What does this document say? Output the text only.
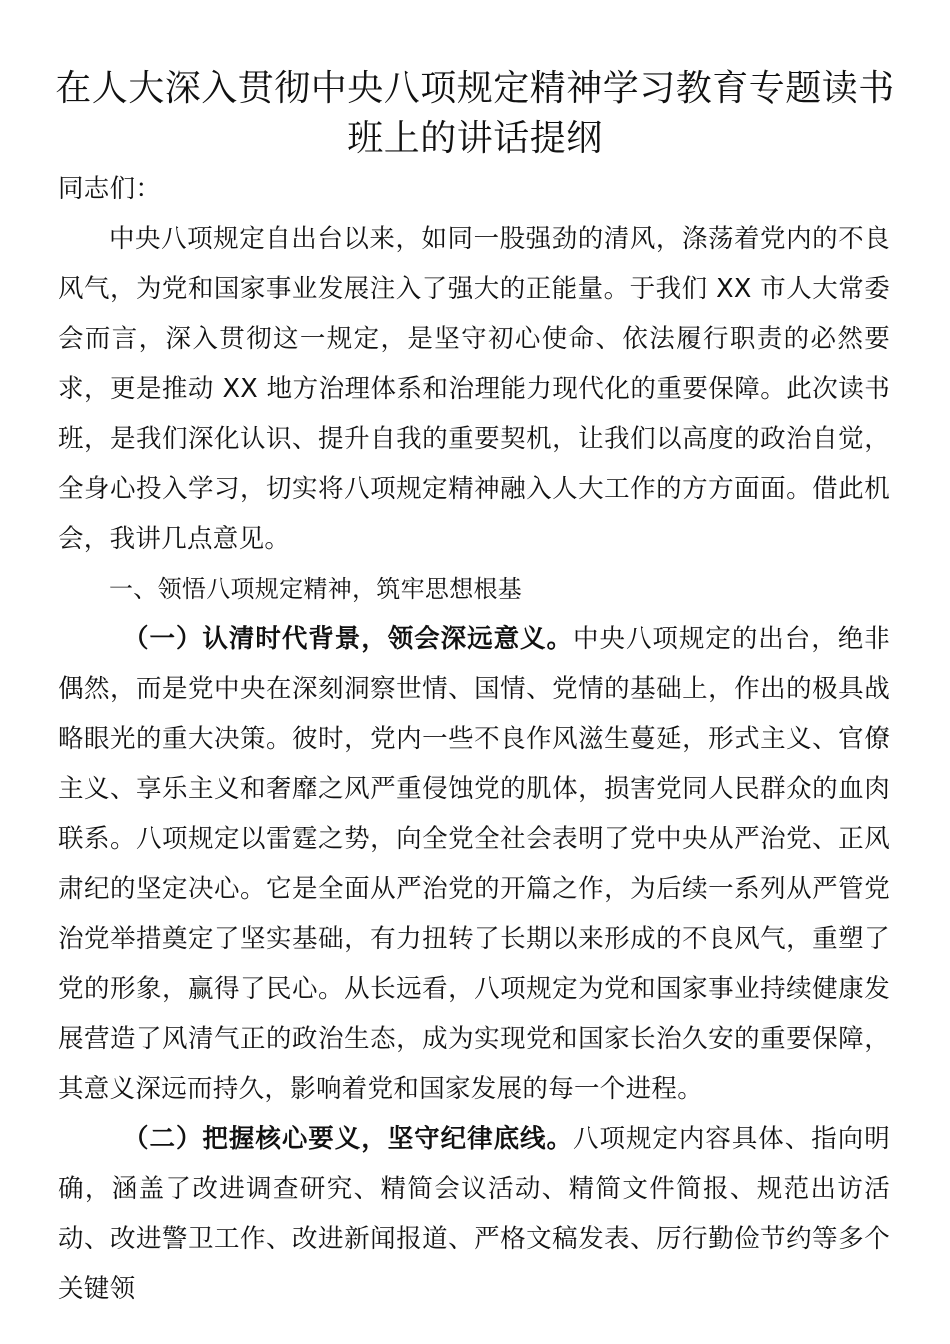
在人大深入贯彻中央八项规定精神学习教育专题读书班上的讲话提纲

同志们：

中央八项规定自出台以来，如同一股强劲的清风，涤荡着党内的不良风气，为党和国家事业发展注入了强大的正能量。于我们 XX 市人大常委会而言，深入贯彻这一规定，是坚守初心使命、依法履行职责的必然要求，更是推动 XX 地方治理体系和治理能力现代化的重要保障。此次读书班，是我们深化认识、提升自我的重要契机，让我们以高度的政治自觉，全身心投入学习，切实将八项规定精神融入人大工作的方方面面。借此机会，我讲几点意见。

一、领悟八项规定精神，筑牢思想根基

（一）认清时代背景，领会深远意义。中央八项规定的出台，绝非偶然，而是党中央在深刻洞察世情、国情、党情的基础上，作出的极具战略眼光的重大决策。彼时，党内一些不良作风滋生蔓延，形式主义、官僚主义、享乐主义和奢靡之风严重侵蚀党的肌体，损害党同人民群众的血肉联系。八项规定以雷霆之势，向全党全社会表明了党中央从严治党、正风肃纪的坚定决心。它是全面从严治党的开篇之作，为后续一系列从严管党治党举措奠定了坚实基础，有力扭转了长期以来形成的不良风气，重塑了党的形象，赢得了民心。从长远看，八项规定为党和国家事业持续健康发展营造了风清气正的政治生态，成为实现党和国家长治久安的重要保障，其意义深远而持久，影响着党和国家发展的每一个进程。

（二）把握核心要义，坚守纪律底线。八项规定内容具体、指向明确，涵盖了改进调查研究、精简会议活动、精简文件简报、规范出访活动、改进警卫工作、改进新闻报道、严格文稿发表、厉行勤俭节约等多个关键领
